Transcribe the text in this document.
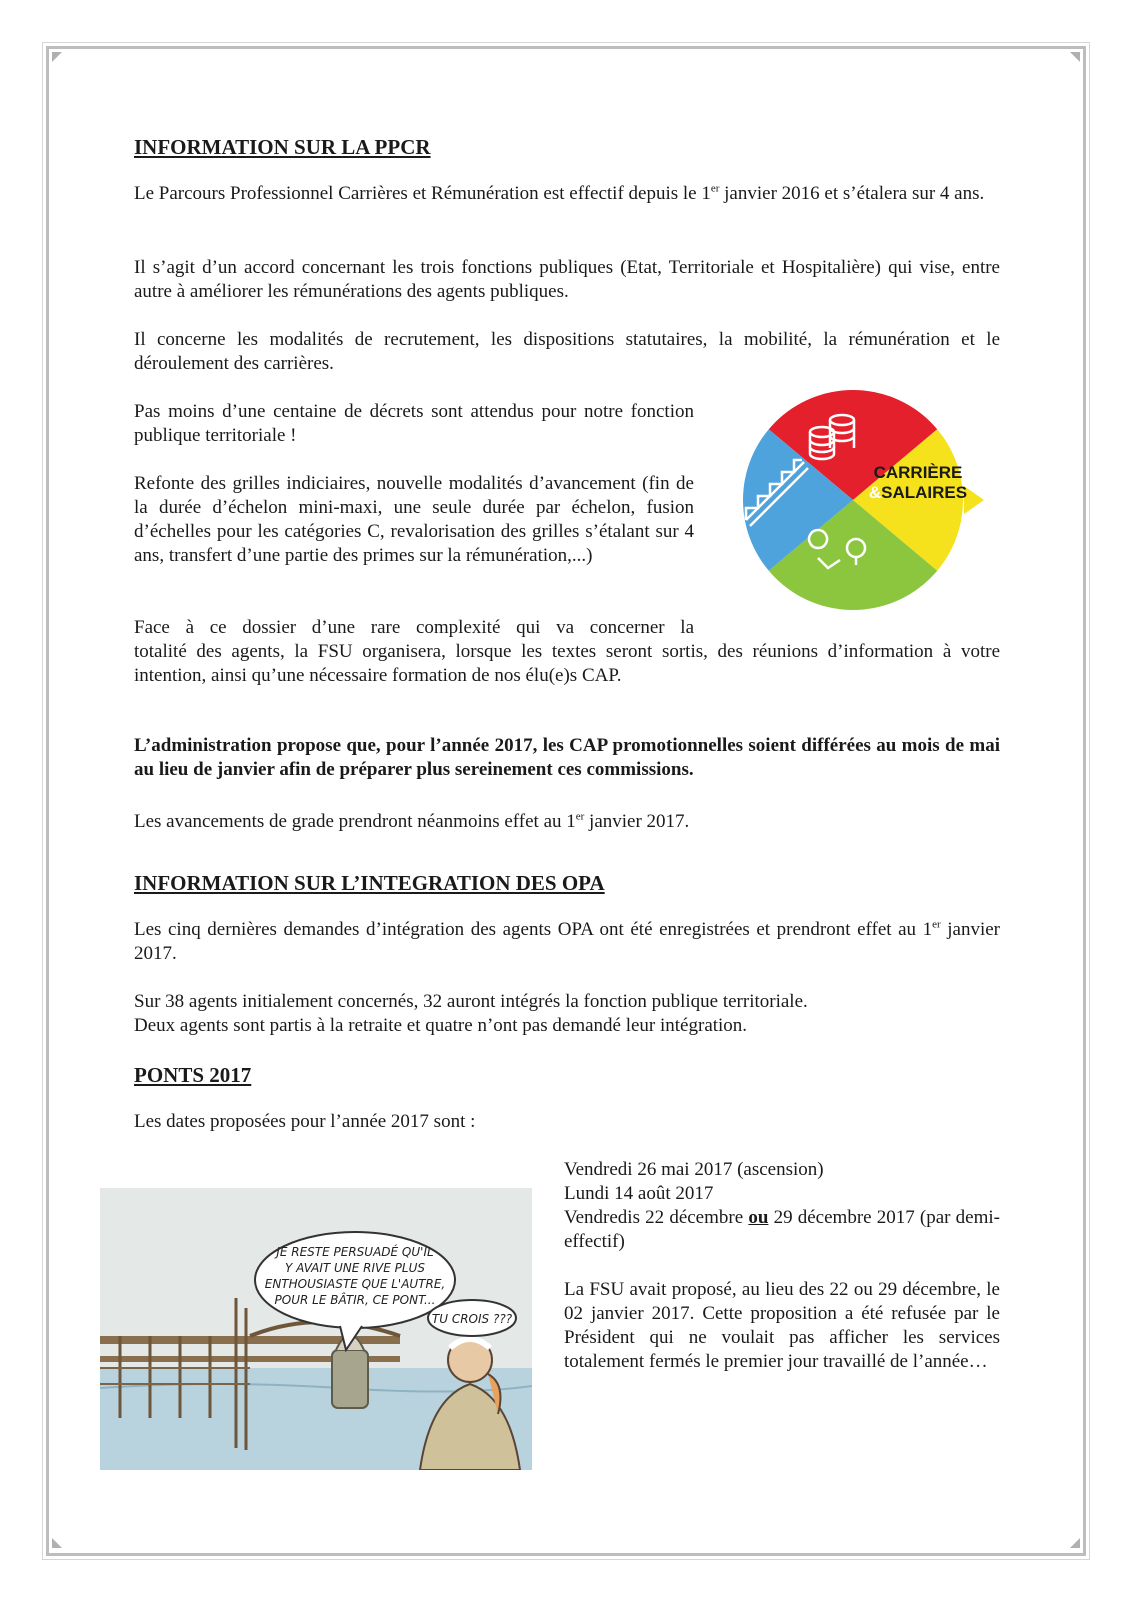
INFORMATION SUR LA PPCR

Le Parcours Professionnel Carrières et Rémunération est effectif depuis le 1er janvier 2016 et s’étalera sur 4 ans.

Il s’agit d’un accord concernant les trois fonctions publiques (Etat, Territoriale et Hospitalière) qui vise, entre autre à améliorer les rémunérations des agents publiques.

Il concerne les modalités de recrutement, les dispositions statutaires, la mobilité, la rémunération et le déroulement des carrières.

Pas moins d’une centaine de décrets sont attendus pour notre fonction publique territoriale !

Refonte des grilles indiciaires, nouvelle modalités d’avancement (fin de la durée d’échelon mini-maxi, une seule durée par échelon, fusion d’échelles pour les catégories C, revalorisation des grilles s’étalant sur 4 ans, transfert d’une partie des primes sur la rémunération,...)

Face à ce dossier d’une rare complexité qui va concerner la
totalité des agents, la FSU organisera, lorsque les textes seront sortis, des réunions d’information à votre intention, ainsi qu’une nécessaire formation de nos élu(e)s CAP.

L’administration propose que, pour l’année 2017, les CAP promotionnelles soient différées au mois de mai au lieu de janvier afin de préparer plus sereinement ces commissions.

Les avancements de grade prendront néanmoins effet au 1er janvier 2017.

CARRIÈRE
&SALAIRES
INFORMATION SUR L’INTEGRATION DES OPA

Les cinq dernières demandes d’intégration des agents OPA ont été enregistrées et prendront effet au 1er janvier 2017.

Sur 38 agents initialement concernés, 32 auront intégrés la fonction publique territoriale.
Deux agents sont partis à la retraite et quatre n’ont pas demandé leur intégration.

PONTS 2017

Les dates proposées pour l’année 2017 sont :

Vendredi 26 mai 2017 (ascension)
Lundi 14 août 2017
Vendredis 22 décembre ou 29 décembre 2017 (par demi-effectif)

La FSU avait proposé, au lieu des 22 ou 29 décembre, le 02 janvier 2017. Cette proposition a été refusée par le Président qui ne voulait pas afficher les services totalement fermés le premier jour travaillé de l’année…

JE RESTE PERSUADÉ QU'IL
Y AVAIT UNE RIVE PLUS
ENTHOUSIASTE QUE L'AUTRE,
POUR LE BÂTIR, CE PONT...
TU CROIS ???
